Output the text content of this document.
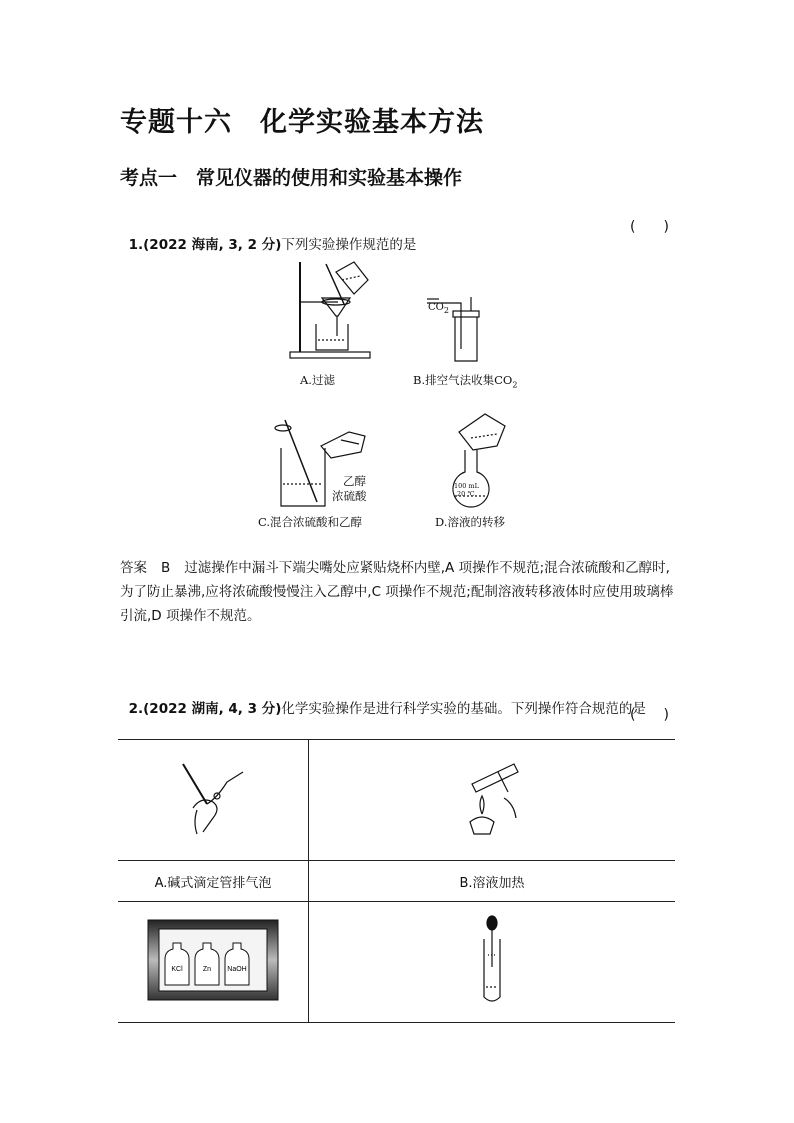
专题十六　化学实验基本方法
考点一　常见仪器的使用和实验基本操作

1.(2022 海南, 3, 2 分)下列实验操作规范的是

(　　)
A.过滤
$CO_2$
B.排空气法收集$CO_2$
乙醇
浓硫酸
C.混合浓硫酸和乙醇
100 mL
20 ℃
D.溶液的转移
答案 B 过滤操作中漏斗下端尖嘴处应紧贴烧杯内壁,A 项操作不规范;混合浓硫酸和乙醇时,为了防止暴沸,应将浓硫酸慢慢注入乙醇中,C 项操作不规范;配制溶液转移液体时应使用玻璃棒引流,D 项操作不规范。

2.(2022 湖南, 4, 3 分)化学实验操作是进行科学实验的基础。下列操作符合规范的是

(　　)

A.碱式滴定管排气泡	B.溶液加热

KCl Zn NaOH
